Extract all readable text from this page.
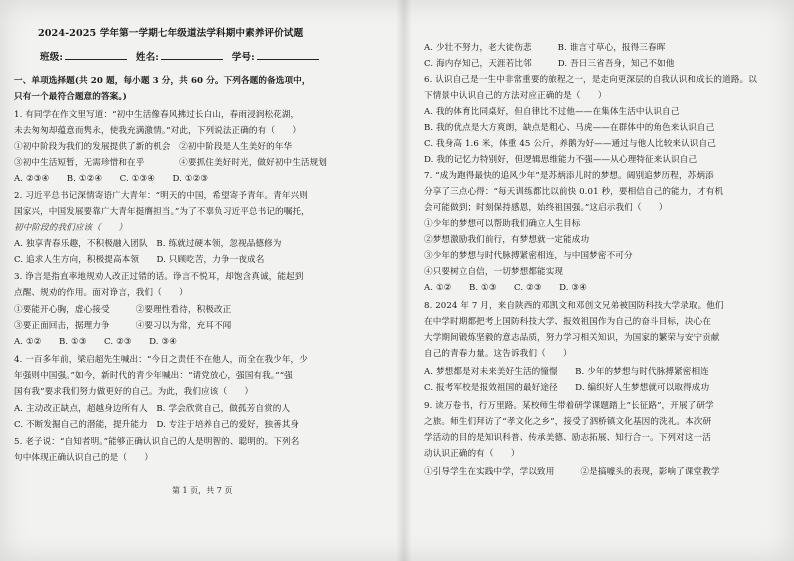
2024-2025 学年第一学期七年级道法学科期中素养评价试题
班级:	姓名:	学号:
一、单项选择题(共 20 题，每小题 3 分，共 60 分。下列各题的备选项中，
只有一个最符合题意的答案。)
1. 有同学在作文里写道：“初中生活像春风拂过长白山，春雨浸润松花湖，
未去匆匆却蕴意而隽永，使我充满激情。”对此，下列说法正确的有（　　）
①初中阶段为我们的发展提供了新的机会　②初中阶段是人生美好的年华
③初中生活短暂，无需珍惜和在乎　　　　④要抓住美好时光，做好初中生活规划
A. ②③④　　B. ①②④　　C. ①③④　　D. ①②③
2. 习近平总书记深情寄语广大青年：“明天的中国，希望寄予青年。青年兴则
国家兴，中国发展要靠广大青年挺膺担当。”为了不辜负习近平总书记的嘱托，
初中阶段的我们应该（　　）
A. 独享青春乐趣，不积极融入团队　B. 练就过硬本领，忽视品德修为
C. 追求人生方向，积极提高本领　　D. 只顾吃苦，力争一夜成名
3. 诤言是指直率地规劝人改正过错的话。诤言不悦耳，却饱含真诚，能起到
点醒、规劝的作用。面对诤言，我们（　　）
①要能开心胸，虚心接受　　　②要理性看待，积极改正
③要正面回击，据理力争　　　④要习以为常，充耳不闻
A. ①②　　B. ①③　　C. ②③　　D. ③④
4. 一百多年前，梁启超先生喊出：“今日之责任不在他人，而全在我少年，少
年强则中国强。”如今，新时代的青少年喊出：“请党放心，强国有我。”“强
国有我”要求我们努力做更好的自己。为此，我们应该（　　）
A. 主动改正缺点，超越身边所有人　B. 学会欣赏自己，做孤芳自赏的人
C. 不断发掘自己的潜能，提升能力　D. 专注于培养自己的爱好，独善其身
5. 老子说：“自知者明。”能够正确认识自己的人是明智的、聪明的。下列名
句中体现正确认识自己的是（　　）
第 1 页，共 7 页
A. 少壮不努力，老大徒伤悲　　　B. 谁言寸草心，报得三春晖
C. 海内存知己，天涯若比邻　　　D. 吾日三省吾身，知己不如他
6. 认识自己是一生中非常重要的旅程之一，是走向更深层的自我认识和成长的道路。以
下情景中认识自己的方法对应正确的是（　　）
A. 我的体育比同桌好，但自律比不过他——在集体生活中认识自己
B. 我的优点是大方爽朗，缺点是粗心、马虎——在群体中的角色来认识自己
C. 我身高 1.6 米，体重 45 公斤，养鹅为好——通过与他人比较来认识自己
D. 我的记忆力特别好，但逻辑思维能力不强——从心理特征来认识自己
7. “成为跑得最快的追风少年”是苏炳添儿时的梦想。阔别追梦历程，苏炳添
分享了三点心得：“每天训练都比以前快 0.01 秒，要相信自己的能力，才有机
会可能做到；时刻保持感恩，始终祖国强。”这启示我们（　　）
①少年的梦想可以帮助我们确立人生目标
②梦想激励我们前行，有梦想就一定能成功
③少年的梦想与时代脉搏紧密相连，与中国梦密不可分
④只要树立自信，一切梦想都能实现
A. ①②　　B. ①③　　C. ②③　　D. ③④
8. 2024 年 7 月，来自陕西的邓凯文和邓创文兄弟被国防科技大学录取。他们
在中学时期都把考上国防科技大学、报效祖国作为自己的奋斗目标，决心在
大学期间锻炼坚毅的意志品质，努力学习相关知识，为国家的繁荣与安宁贡献
自己的青春力量。这告诉我们（　　）
A. 梦想都是对未来美好生活的憧憬　　B. 少年的梦想与时代脉搏紧密相连
C. 报考军校是报效祖国的最好途径　　D. 编织好人生梦想就可以取得成功
9. 读万卷书，行万里路。某校师生带着研学课题踏上“长征路”，开展了研学
之旅。师生们拜访了“孝文化之乡”，接受了泗桥镇文化基因的洗礼。本次研
学活动的目的是知识科普、传承美德、励志拓展、知行合一。下列对这一活
动认识正确的有（　　）
①引导学生在实践中学，学以致用　　　②是搞噱头的表现，影响了课堂教学
